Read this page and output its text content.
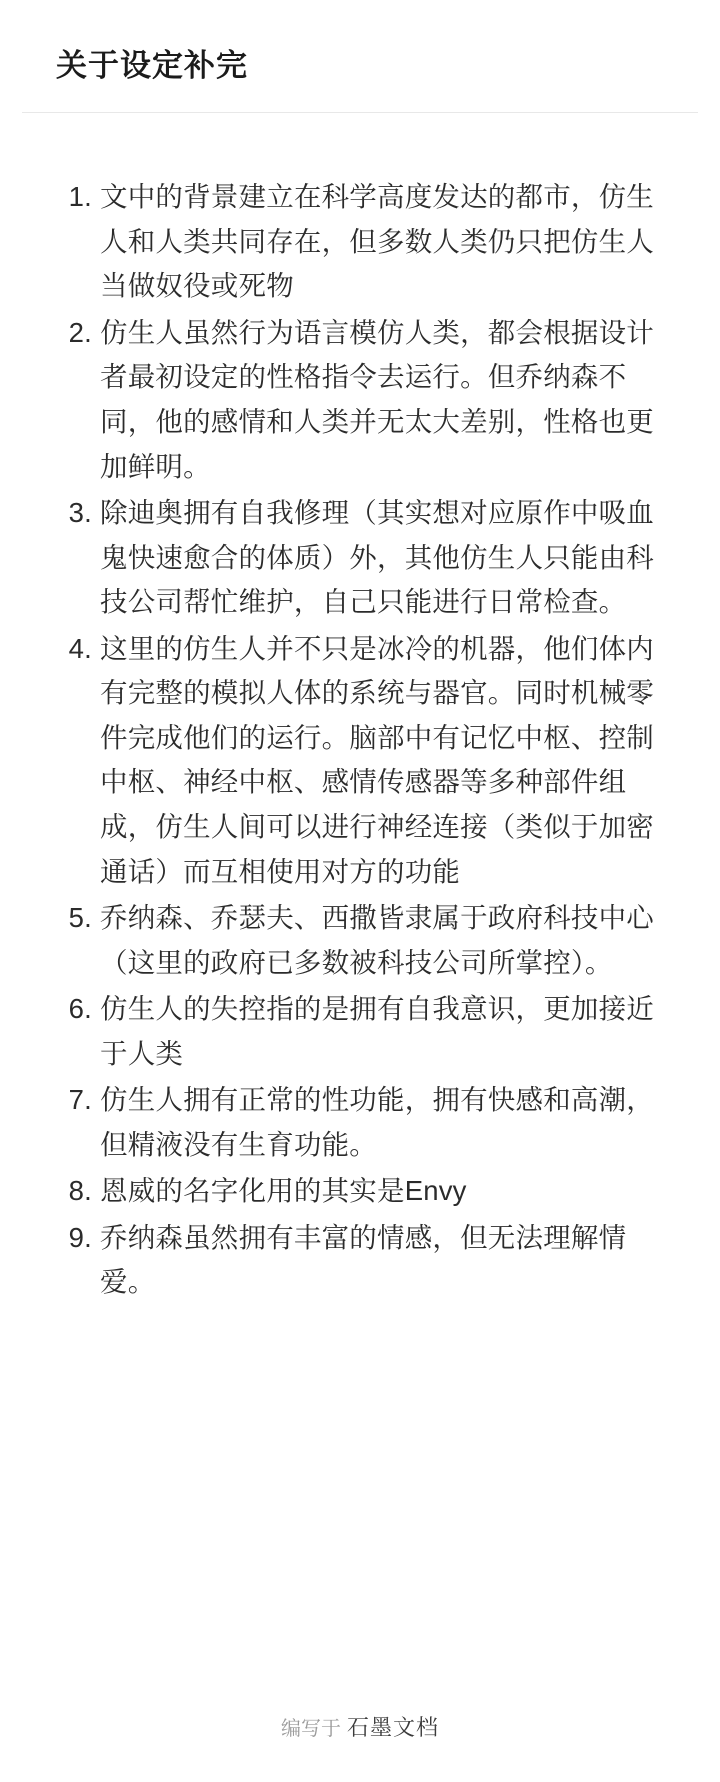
关于设定补完
文中的背景建立在科学高度发达的都市，仿生人和人类共同存在，但多数人类仍只把仿生人当做奴役或死物
仿生人虽然行为语言模仿人类，都会根据设计者最初设定的性格指令去运行。但乔纳森不同，他的感情和人类并无太大差别，性格也更加鲜明。
除迪奥拥有自我修理（其实想对应原作中吸血鬼快速愈合的体质）外，其他仿生人只能由科技公司帮忙维护，自己只能进行日常检查。
这里的仿生人并不只是冰冷的机器，他们体内有完整的模拟人体的系统与器官。同时机械零件完成他们的运行。脑部中有记忆中枢、控制中枢、神经中枢、感情传感器等多种部件组成，仿生人间可以进行神经连接（类似于加密通话）而互相使用对方的功能
乔纳森、乔瑟夫、西撒皆隶属于政府科技中心（这里的政府已多数被科技公司所掌控）。
仿生人的失控指的是拥有自我意识，更加接近于人类
仿生人拥有正常的性功能，拥有快感和高潮，但精液没有生育功能。
恩威的名字化用的其实是Envy
乔纳森虽然拥有丰富的情感，但无法理解情爱。
编写于 石墨文档
